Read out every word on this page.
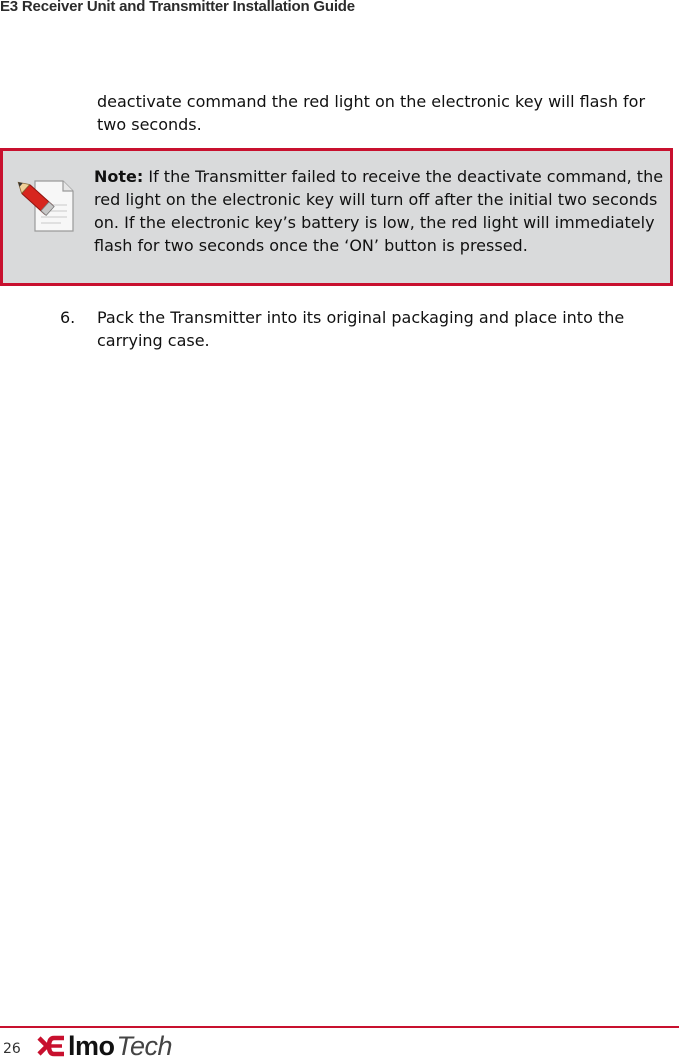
E3 Receiver Unit and Transmitter Installation Guide
deactivate command the red light on the electronic key will flash for two seconds.
Note: If the Transmitter failed to receive the deactivate command, the red light on the electronic key will turn off after the initial two seconds on. If the electronic key’s battery is low, the red light will immediately flash for two seconds once the ‘ON’ button is pressed.
6. Pack the Transmitter into its original packaging and place into the carrying case.
26 lmoTech
